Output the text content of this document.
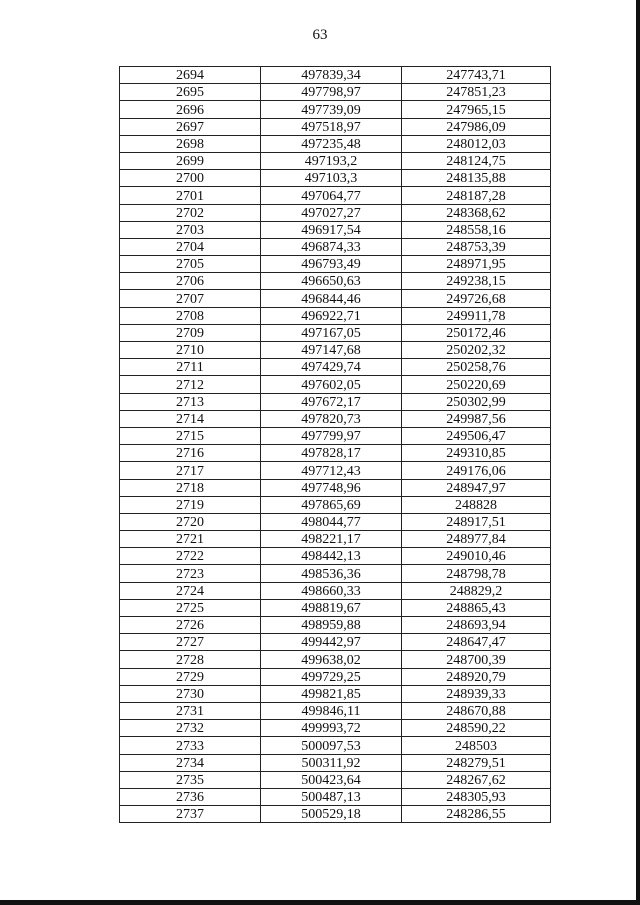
63
2694	497839,34	247743,71
2695	497798,97	247851,23
2696	497739,09	247965,15
2697	497518,97	247986,09
2698	497235,48	248012,03
2699	497193,2	248124,75
2700	497103,3	248135,88
2701	497064,77	248187,28
2702	497027,27	248368,62
2703	496917,54	248558,16
2704	496874,33	248753,39
2705	496793,49	248971,95
2706	496650,63	249238,15
2707	496844,46	249726,68
2708	496922,71	249911,78
2709	497167,05	250172,46
2710	497147,68	250202,32
2711	497429,74	250258,76
2712	497602,05	250220,69
2713	497672,17	250302,99
2714	497820,73	249987,56
2715	497799,97	249506,47
2716	497828,17	249310,85
2717	497712,43	249176,06
2718	497748,96	248947,97
2719	497865,69	248828
2720	498044,77	248917,51
2721	498221,17	248977,84
2722	498442,13	249010,46
2723	498536,36	248798,78
2724	498660,33	248829,2
2725	498819,67	248865,43
2726	498959,88	248693,94
2727	499442,97	248647,47
2728	499638,02	248700,39
2729	499729,25	248920,79
2730	499821,85	248939,33
2731	499846,11	248670,88
2732	499993,72	248590,22
2733	500097,53	248503
2734	500311,92	248279,51
2735	500423,64	248267,62
2736	500487,13	248305,93
2737	500529,18	248286,55
